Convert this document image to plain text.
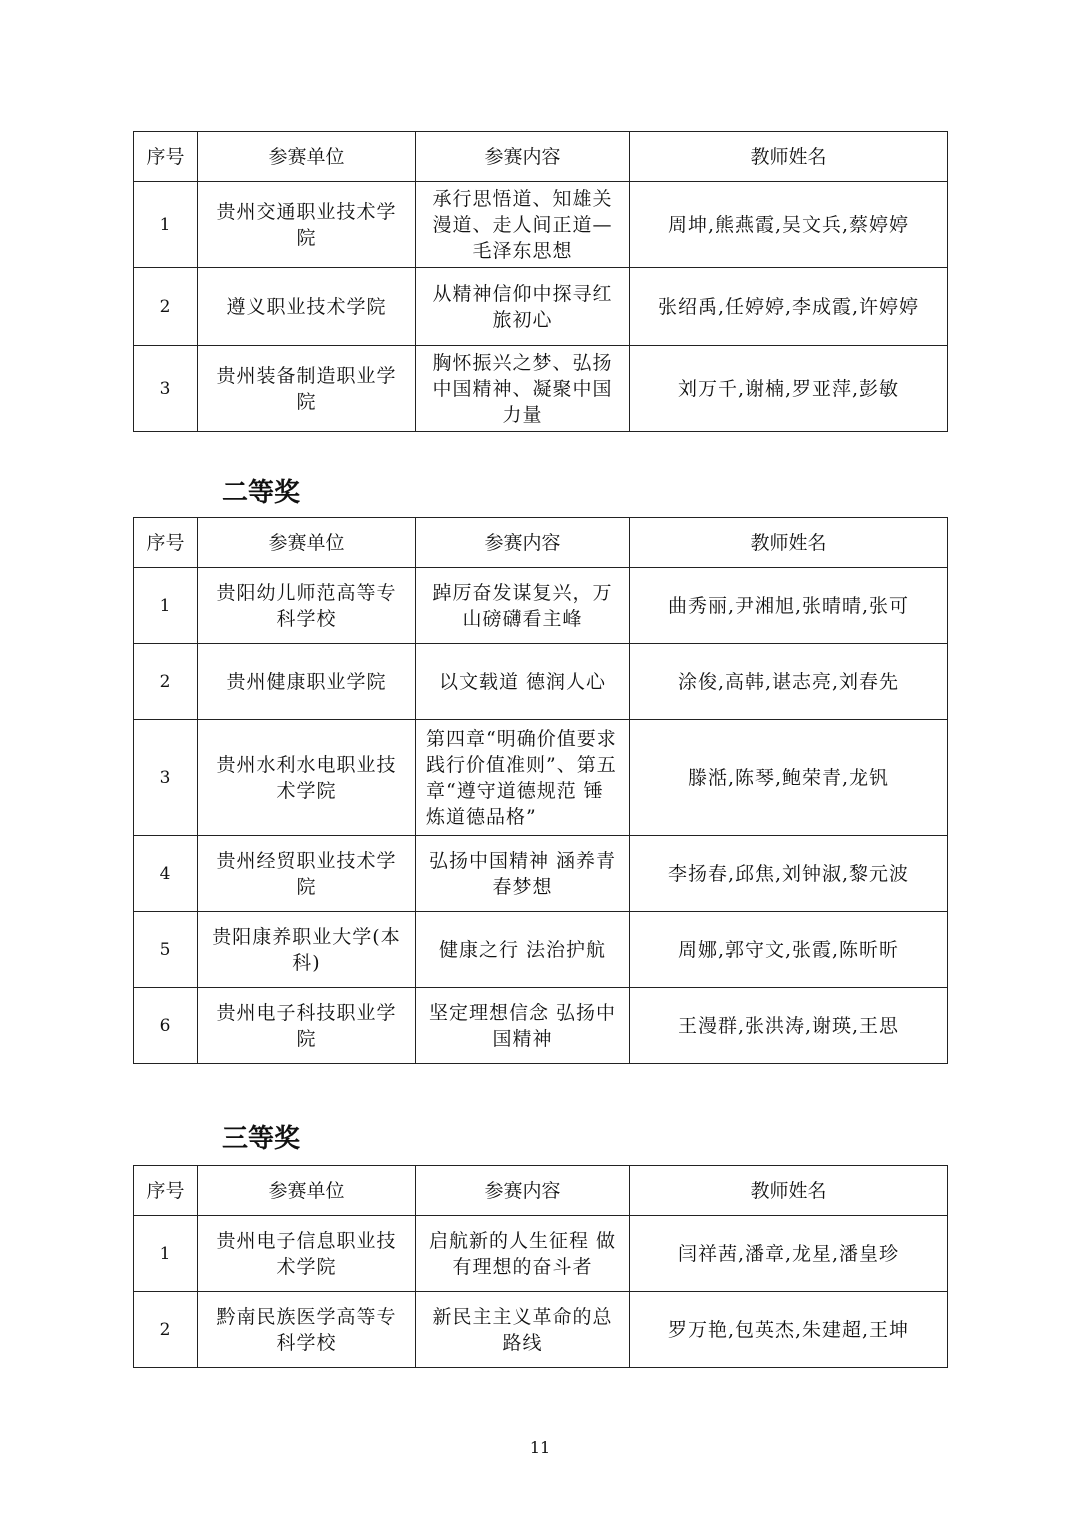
序号	参赛单位	参赛内容	教师姓名
1	贵州交通职业技术学院	承行思悟道、知雄关漫道、走人间正道—毛泽东思想	周坤,熊燕霞,吴文兵,蔡婷婷
2	遵义职业技术学院	从精神信仰中探寻红旅初心	张绍禹,任婷婷,李成霞,许婷婷
3	贵州装备制造职业学院	胸怀振兴之梦、弘扬中国精神、凝聚中国力量	刘万千,谢楠,罗亚萍,彭敏
二等奖
序号	参赛单位	参赛内容	教师姓名
1	贵阳幼儿师范高等专科学校	踔厉奋发谋复兴，万山磅礴看主峰	曲秀丽,尹湘旭,张晴晴,张可
2	贵州健康职业学院	以文载道 德润人心	涂俊,高韩,谌志亮,刘春先
3	贵州水利水电职业技术学院	第四章“明确价值要求 践行价值准则”、第五章“遵守道德规范 锤炼道德品格”	滕湉,陈琴,鲍荣青,龙钒
4	贵州经贸职业技术学院	弘扬中国精神 涵养青春梦想	李扬春,邱焦,刘钟淑,黎元波
5	贵阳康养职业大学(本科)	健康之行 法治护航	周娜,郭守文,张霞,陈昕昕
6	贵州电子科技职业学院	坚定理想信念 弘扬中国精神	王漫群,张洪涛,谢瑛,王思
三等奖
序号	参赛单位	参赛内容	教师姓名
1	贵州电子信息职业技术学院	启航新的人生征程 做有理想的奋斗者	闫祥茜,潘章,龙星,潘皇珍
2	黔南民族医学高等专科学校	新民主主义革命的总路线	罗万艳,包英杰,朱建超,王坤
11
